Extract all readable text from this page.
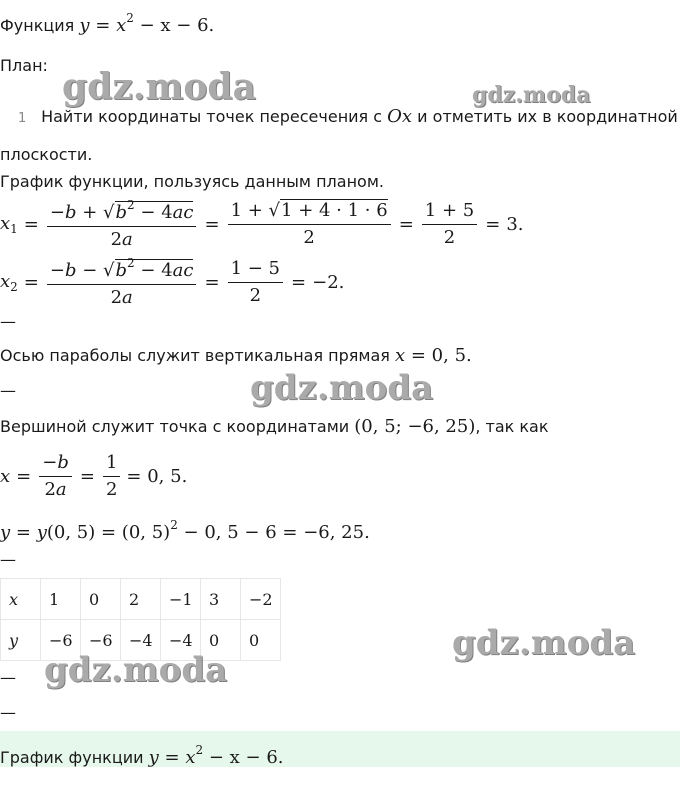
Функция $y = x^2 - x - 6$.
План:
1 Найти координаты точек пересечения с Ox и отметить их в координатной
плоскости.
График функции, пользуясь данным планом.
$x_1 = \frac{-b + √b^2 - 4ac}{2a} = \frac{1 + √1 + 4 \cdot 1 \cdot 6}{2} = \frac{1 + 5}{2} = 3$.
$x_2 = \frac{-b - √b^2 - 4ac}{2a} = \frac{1 - 5}{2} = -2$.
—
Осью параболы служит вертикальная прямая x = 0, 5.
—
Вершиной служит точка с координатами (0, 5; −6, 25), так как
$x = \frac{-b}{2a} = \frac{1}{2} = 0$, 5.
y = y(0, 5) = (0, 5)$^2$ − 0, 5 − 6 = −6, 25.
—
x	1	0	2	−1	3	−2
y	−6	−6	−4	−4	0	0
—
—
График функции $y = x^2 - x - 6$.
gdz.moda	gdz.moda
gdz.moda
gdz.moda
gdz.moda
